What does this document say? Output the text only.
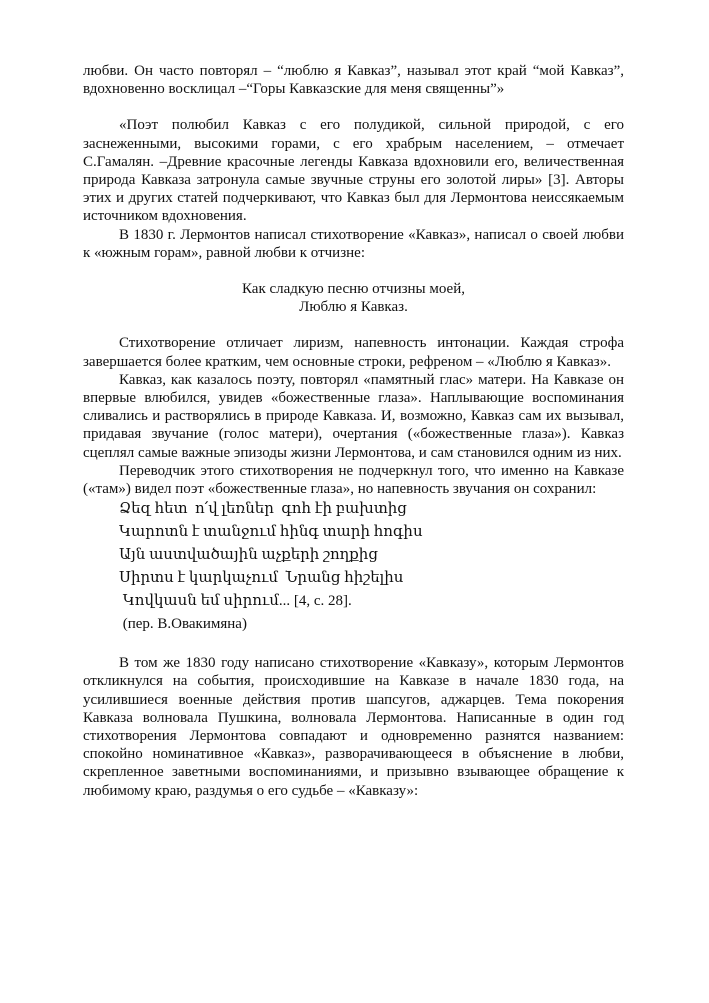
любви. Он часто повторял – “люблю я Кавказ”, называл этот край “мой Кавказ”, вдохновенно восклицал –“Горы Кавказские для меня священны”»

«Поэт полюбил Кавказ с его полудикой, сильной природой, с его заснеженными, высокими горами, с его храбрым населением, – отмечает С.Гамалян. –Древние красочные легенды Кавказа вдохновили его, величественная природа Кавказа затронула самые звучные струны его золотой лиры» [3]. Авторы этих и других статей подчеркивают, что Кавказ был для Лермонтова неиссякаемым источником вдохновения.

В 1830 г. Лермонтов написал стихотворение «Кавказ», написал о своей любви к «южным горам», равной любви к отчизне:

Как сладкую песню отчизны моей,
Люблю я Кавказ.

Стихотворение отличает лиризм, напевность интонации. Каждая строфа завершается более кратким, чем основные строки, рефреном – «Люблю я Кавказ».

Кавказ, как казалось поэту, повторял «памятный глас» матери. На Кавказе он впервые влюбился, увидев «божественные глаза». Наплывающие воспоминания сливались и растворялись в природе Кавказа. И, возможно, Кавказ сам их вызывал, придавая звучание (голос матери), очертания («божественные глаза»). Кавказ сцеплял самые важные эпизоды жизни Лермонтова, и сам становился одним из них.

Переводчик этого стихотворения не подчеркнул того, что именно на Кавказе («там») видел поэт «божественные глаза», но напевность звучания он сохранил:

Ձեզ հետ  ո՛վ լեռներ  գոհ էի բախտից
Կարոտն է տանջում հինգ տարի հոգիս
Այն աստվածային աչքերի շողքից
Սիրտս է կարկաչում  Նրանց հիշելիս
Կովկասն եմ սիրում... [4, с. 28].
(пер. В.Овакимяна)

В том же 1830 году написано стихотворение «Кавказу», которым Лермонтов откликнулся на события, происходившие на Кавказе в начале 1830 года, на усилившиеся военные действия против шапсугов, аджарцев. Тема покорения Кавказа волновала Пушкина, волновала Лермонтова. Написанные в один год стихотворения Лермонтова совпадают и одновременно разнятся названием: спокойно номинативное «Кавказ», разворачивающееся в объяснение в любви, скрепленное заветными воспоминаниями, и призывно взывающее обращение к любимому краю, раздумья о его судьбе – «Кавказу»:
